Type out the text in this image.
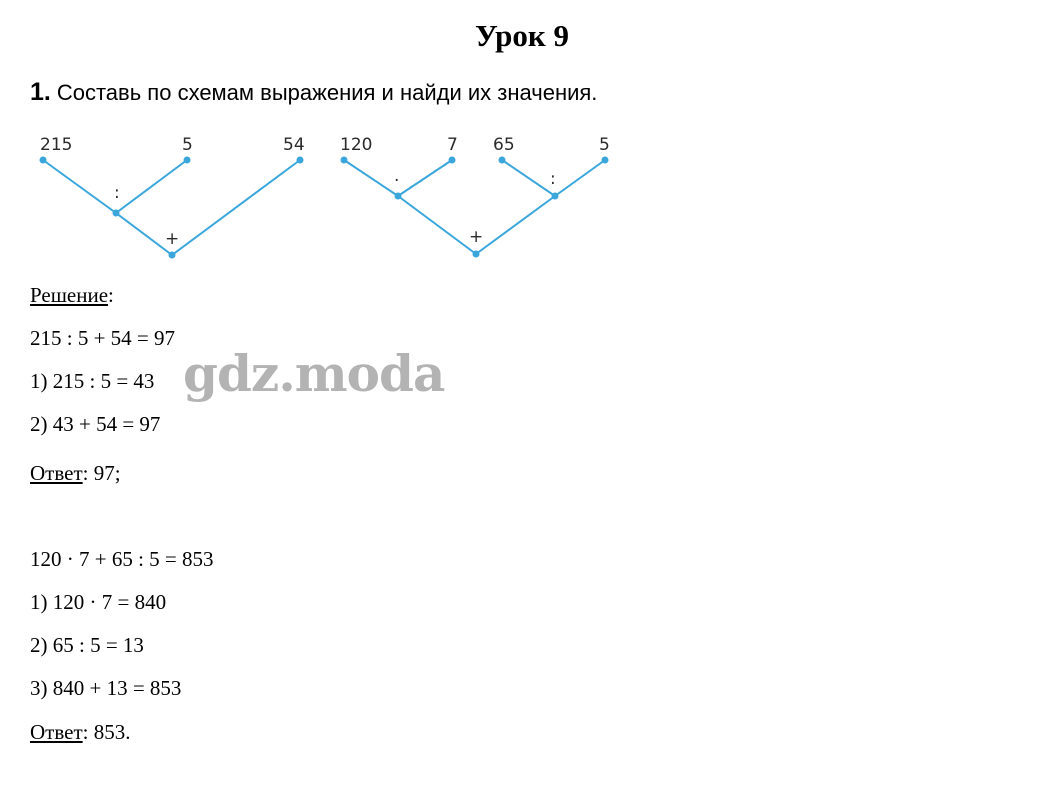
Урок 9
1. Составь по схемам выражения и найди их значения.
215	5	54
:
+
120	7 65	5
·	:
+
Решение:
215 : 5 + 54 = 97
1) 215 : 5 = 43
2) 43 + 54 = 97
Ответ: 97;
120 · 7 + 65 : 5 = 853
1) 120 · 7 = 840
2) 65 : 5 = 13
3) 840 + 13 = 853
Ответ: 853.
gdz.moda
